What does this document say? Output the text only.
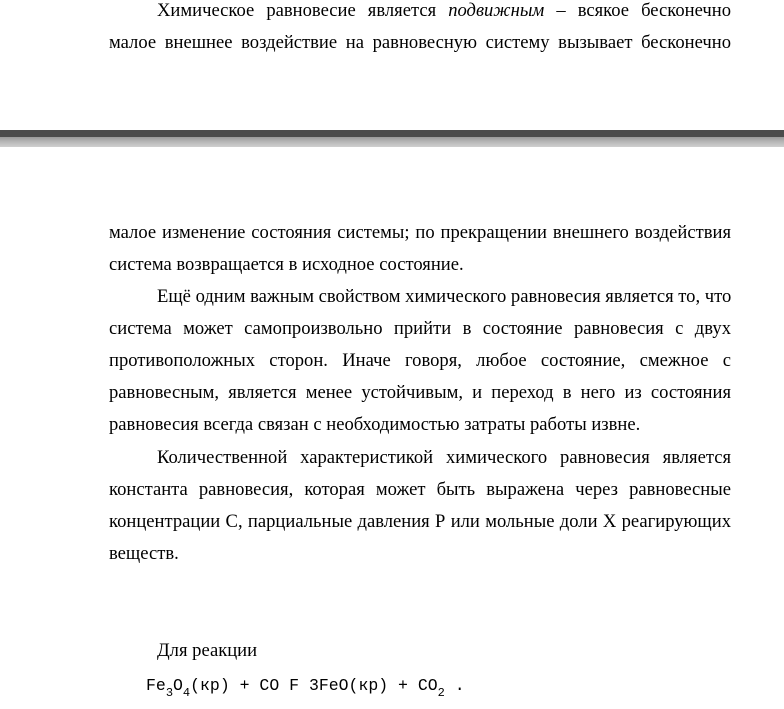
Химическое равновесие является подвижным – всякое бесконечно
малое внешнее воздействие на равновесную систему вызывает бесконечно
малое изменение состояния системы; по прекращении внешнего воздействия
система возвращается в исходное состояние.
Ещё одним важным свойством химического равновесия является то, что
система может самопроизвольно прийти в состояние равновесия с двух
противоположных сторон. Иначе говоря, любое состояние, смежное с
равновесным, является менее устойчивым, и переход в него из состояния
равновесия всегда связан с необходимостью затраты работы извне.
Количественной характеристикой химического равновесия является
константа равновесия, которая может быть выражена через равновесные
концентрации С, парциальные давления Р или мольные доли Х реагирующих
веществ.
Для реакции
$Fe_3O_4(кр)$ + CO F $3FeO(кр) + CO_2$ .
